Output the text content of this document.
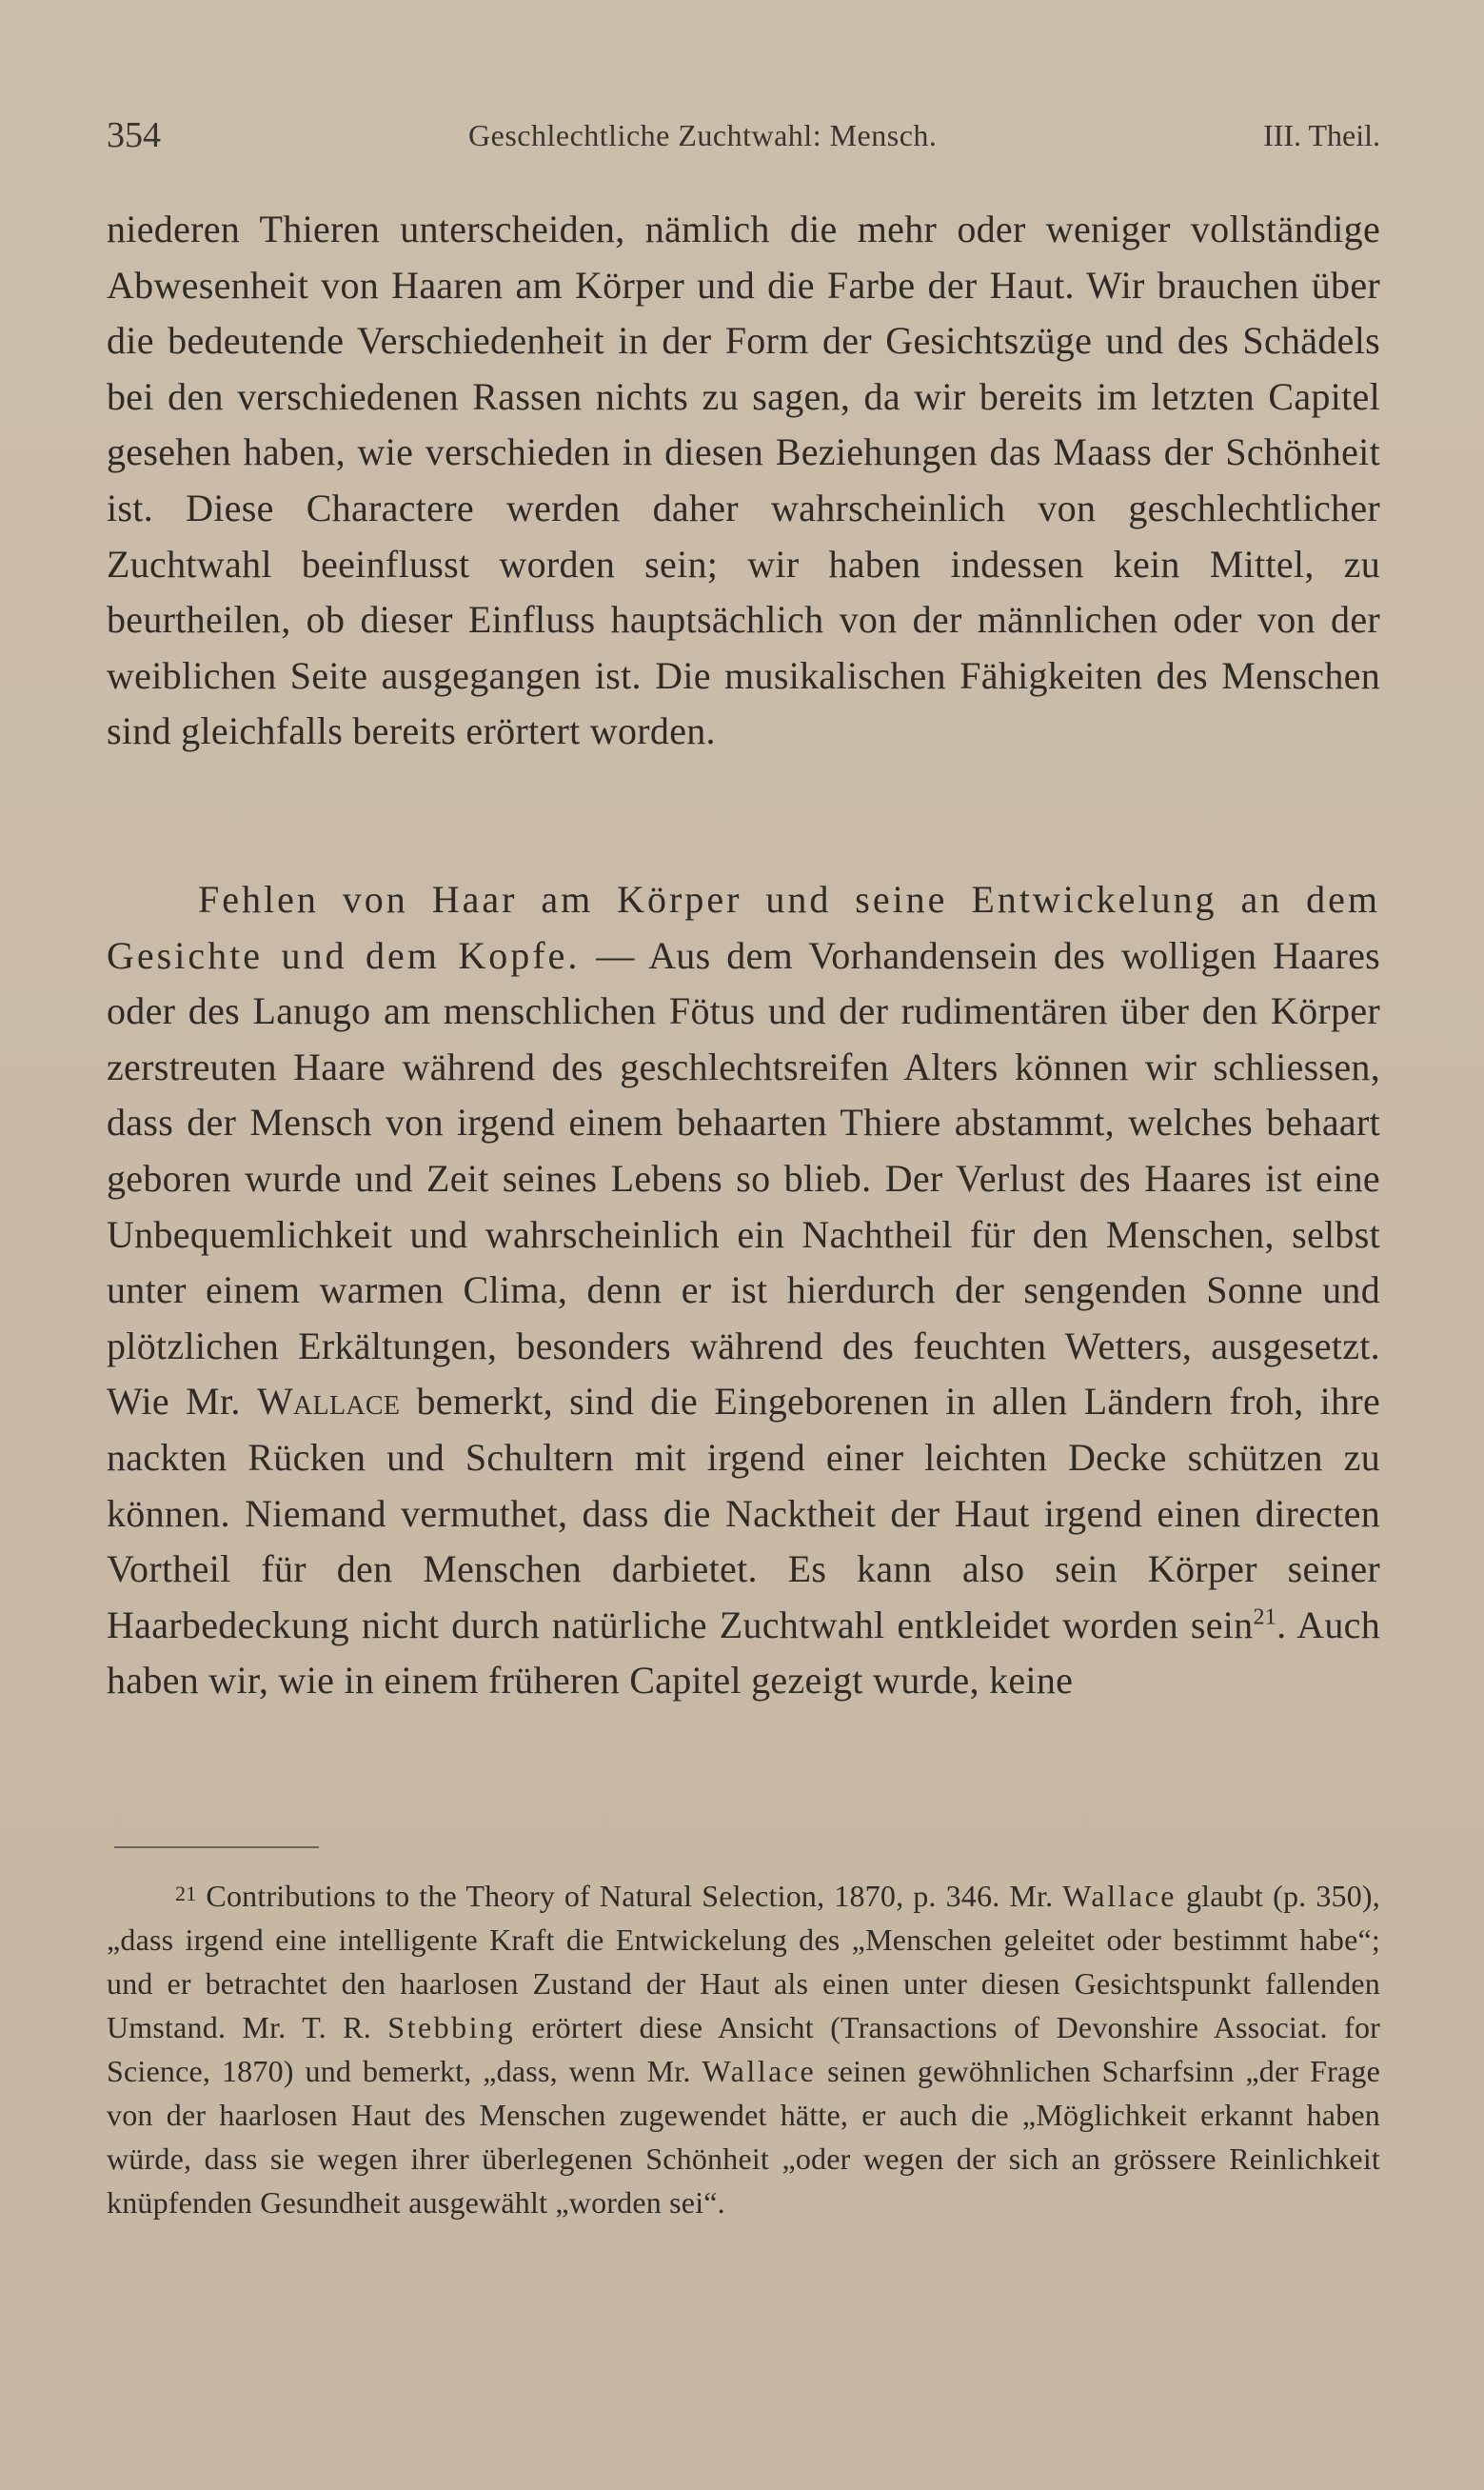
354	Geschlechtliche Zuchtwahl: Mensch.	III. Theil.
niederen Thieren unterscheiden, nämlich die mehr oder weniger vollständige Abwesenheit von Haaren am Körper und die Farbe der Haut. Wir brauchen über die bedeutende Verschiedenheit in der Form der Gesichtszüge und des Schädels bei den verschiedenen Rassen nichts zu sagen, da wir bereits im letzten Capitel gesehen haben, wie verschieden in diesen Beziehungen das Maass der Schönheit ist. Diese Charactere werden daher wahrscheinlich von geschlechtlicher Zuchtwahl beeinflusst worden sein; wir haben indessen kein Mittel, zu beurtheilen, ob dieser Einfluss hauptsächlich von der männlichen oder von der weiblichen Seite ausgegangen ist. Die musikalischen Fähigkeiten des Menschen sind gleichfalls bereits erörtert worden.
Fehlen von Haar am Körper und seine Entwickelung an dem Gesichte und dem Kopfe. — Aus dem Vorhandensein des wolligen Haares oder des Lanugo am menschlichen Fötus und der rudimentären über den Körper zerstreuten Haare während des geschlechtsreifen Alters können wir schliessen, dass der Mensch von irgend einem behaarten Thiere abstammt, welches behaart geboren wurde und Zeit seines Lebens so blieb. Der Verlust des Haares ist eine Unbequemlichkeit und wahrscheinlich ein Nachtheil für den Menschen, selbst unter einem warmen Clima, denn er ist hierdurch der sengenden Sonne und plötzlichen Erkältungen, besonders während des feuchten Wetters, ausgesetzt. Wie Mr. Wallace bemerkt, sind die Eingeborenen in allen Ländern froh, ihre nackten Rücken und Schultern mit irgend einer leichten Decke schützen zu können. Niemand vermuthet, dass die Nacktheit der Haut irgend einen directen Vortheil für den Menschen darbietet. Es kann also sein Körper seiner Haarbedeckung nicht durch natürliche Zuchtwahl entkleidet worden sein$^{21}$. Auch haben wir, wie in einem früheren Capitel gezeigt wurde, keine
21 Contributions to the Theory of Natural Selection, 1870, p. 346. Mr. Wallace glaubt (p. 350), „dass irgend eine intelligente Kraft die Entwickelung des „Menschen geleitet oder bestimmt habe“; und er betrachtet den haarlosen Zustand der Haut als einen unter diesen Gesichtspunkt fallenden Umstand. Mr. T. R. Stebbing erörtert diese Ansicht (Transactions of Devonshire Associat. for Science, 1870) und bemerkt, „dass, wenn Mr. Wallace seinen gewöhnlichen Scharfsinn „der Frage von der haarlosen Haut des Menschen zugewendet hätte, er auch die „Möglichkeit erkannt haben würde, dass sie wegen ihrer überlegenen Schönheit „oder wegen der sich an grössere Reinlichkeit knüpfenden Gesundheit ausgewählt „worden sei“.
